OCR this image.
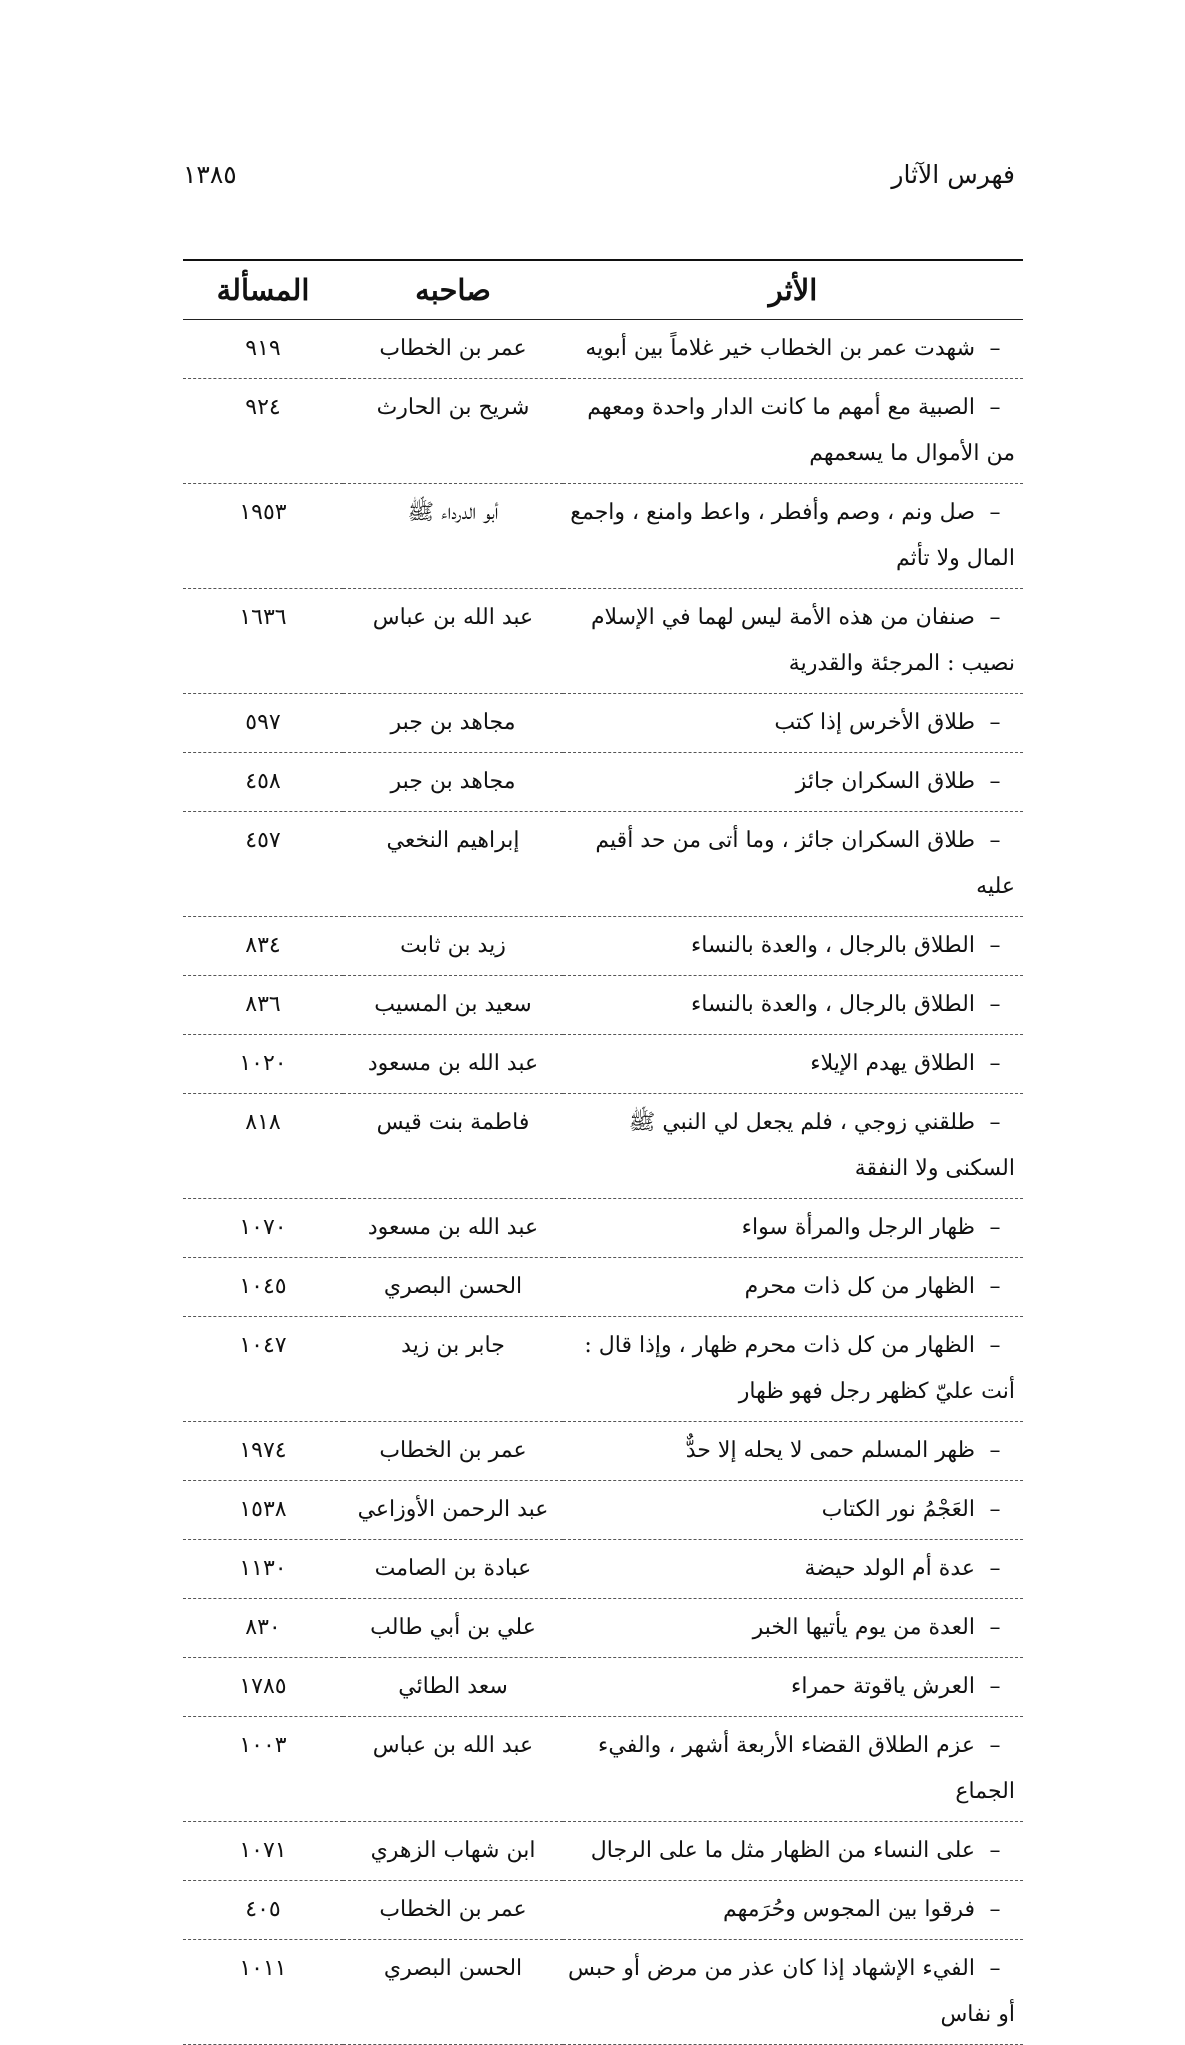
فهرس الآثار
١٣٨٥
الأثر	صاحبه	المسألة
–شهدت عمر بن الخطاب خير غلاماً بين أبويه	عمر بن الخطاب	٩١٩
–الصبية مع أمهم ما كانت الدار واحدة ومعهم من الأموال ما يسعمهم	شريح بن الحارث	٩٢٤
–صل ونم ، وصم وأفطر ، واعط وامنع ، واجمع المال ولا تأثم	أبو الدرداء ﷺ	١٩٥٣
–صنفان من هذه الأمة ليس لهما في الإسلام نصيب : المرجئة والقدرية	عبد الله بن عباس	١٦٣٦
–طلاق الأخرس إذا كتب	مجاهد بن جبر	٥٩٧
–طلاق السكران جائز	مجاهد بن جبر	٤٥٨
–طلاق السكران جائز ، وما أتى من حد أقيم عليه	إبراهيم النخعي	٤٥٧
–الطلاق بالرجال ، والعدة بالنساء	زيد بن ثابت	٨٣٤
–الطلاق بالرجال ، والعدة بالنساء	سعيد بن المسيب	٨٣٦
–الطلاق يهدم الإيلاء	عبد الله بن مسعود	١٠٢٠
–طلقني زوجي ، فلم يجعل لي النبي ﷺ السكنى ولا النفقة	فاطمة بنت قيس	٨١٨
–ظهار الرجل والمرأة سواء	عبد الله بن مسعود	١٠٧٠
–الظهار من كل ذات محرم	الحسن البصري	١٠٤٥
–الظهار من كل ذات محرم ظهار ، وإذا قال : أنت عليّ كظهر رجل فهو ظهار	جابر بن زيد	١٠٤٧
–ظهر المسلم حمى لا يحله إلا حدٌّ	عمر بن الخطاب	١٩٧٤
–العَجْمُ نور الكتاب	عبد الرحمن الأوزاعي	١٥٣٨
–عدة أم الولد حيضة	عبادة بن الصامت	١١٣٠
–العدة من يوم يأتيها الخبر	علي بن أبي طالب	٨٣٠
–العرش ياقوتة حمراء	سعد الطائي	١٧٨٥
–عزم الطلاق القضاء الأربعة أشهر ، والفيء الجماع	عبد الله بن عباس	١٠٠٣
–على النساء من الظهار مثل ما على الرجال	ابن شهاب الزهري	١٠٧١
–فرقوا بين المجوس وحُرَمهم	عمر بن الخطاب	٤٠٥
–الفيء الإشهاد إذا كان عذر من مرض أو حبس أو نفاس	الحسن البصري	١٠١١
